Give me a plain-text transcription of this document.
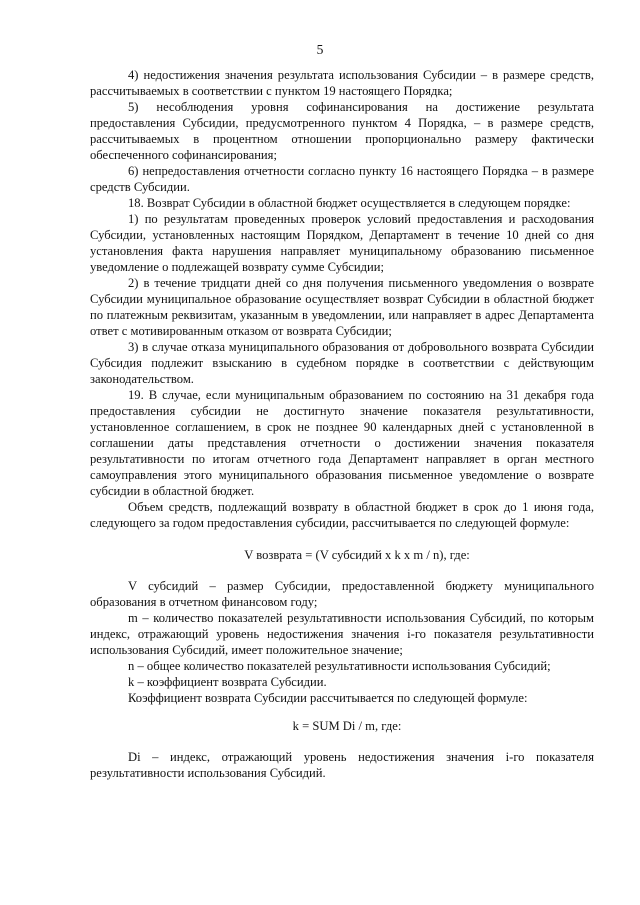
5

4) недостижения значения результата использования Субсидии – в размере средств, рассчитываемых в соответствии с пунктом 19 настоящего Порядка;

5) несоблюдения уровня софинансирования на достижение результата предоставления Субсидии, предусмотренного пунктом 4 Порядка, – в размере средств, рассчитываемых в процентном отношении пропорционально размеру фактически обеспеченного софинансирования;

6) непредоставления отчетности согласно пункту 16 настоящего Порядка – в размере средств Субсидии.

18. Возврат Субсидии в областной бюджет осуществляется в следующем порядке:

1) по результатам проведенных проверок условий предоставления и расходования Субсидии, установленных настоящим Порядком, Департамент в течение 10 дней со дня установления факта нарушения направляет муниципальному образованию письменное уведомление о подлежащей возврату сумме Субсидии;

2) в течение тридцати дней со дня получения письменного уведомления о возврате Субсидии муниципальное образование осуществляет возврат Субсидии в областной бюджет по платежным реквизитам, указанным в уведомлении, или направляет в адрес Департамента ответ с мотивированным отказом от возврата Субсидии;

3) в случае отказа муниципального образования от добровольного возврата Субсидии Субсидия подлежит взысканию в судебном порядке в соответствии с действующим законодательством.

19. В случае, если муниципальным образованием по состоянию на 31 декабря года предоставления субсидии не достигнуто значение показателя результативности, установленное соглашением, в срок не позднее 90 календарных дней с установленной в соглашении даты представления отчетности о достижении значения показателя результативности по итогам отчетного года Департамент направляет в орган местного самоуправления этого муниципального образования письменное уведомление о возврате субсидии в областной бюджет.

Объем средств, подлежащий возврату в областной бюджет в срок до 1 июня года, следующего за годом предоставления субсидии, рассчитывается по следующей формуле:

V возврата = (V субсидий х k х m / n), где:

V субсидий – размер Субсидии, предоставленной бюджету муниципального образования в отчетном финансовом году;

m – количество показателей результативности использования Субсидий, по которым индекс, отражающий уровень недостижения значения i-го показателя результативности использования Субсидий, имеет положительное значение;

n – общее количество показателей результативности использования Субсидий;

k – коэффициент возврата Субсидии.

Коэффициент возврата Субсидии рассчитывается по следующей формуле:

k = SUM Di / m, где:

Di – индекс, отражающий уровень недостижения значения i-го показателя результативности использования Субсидий.
